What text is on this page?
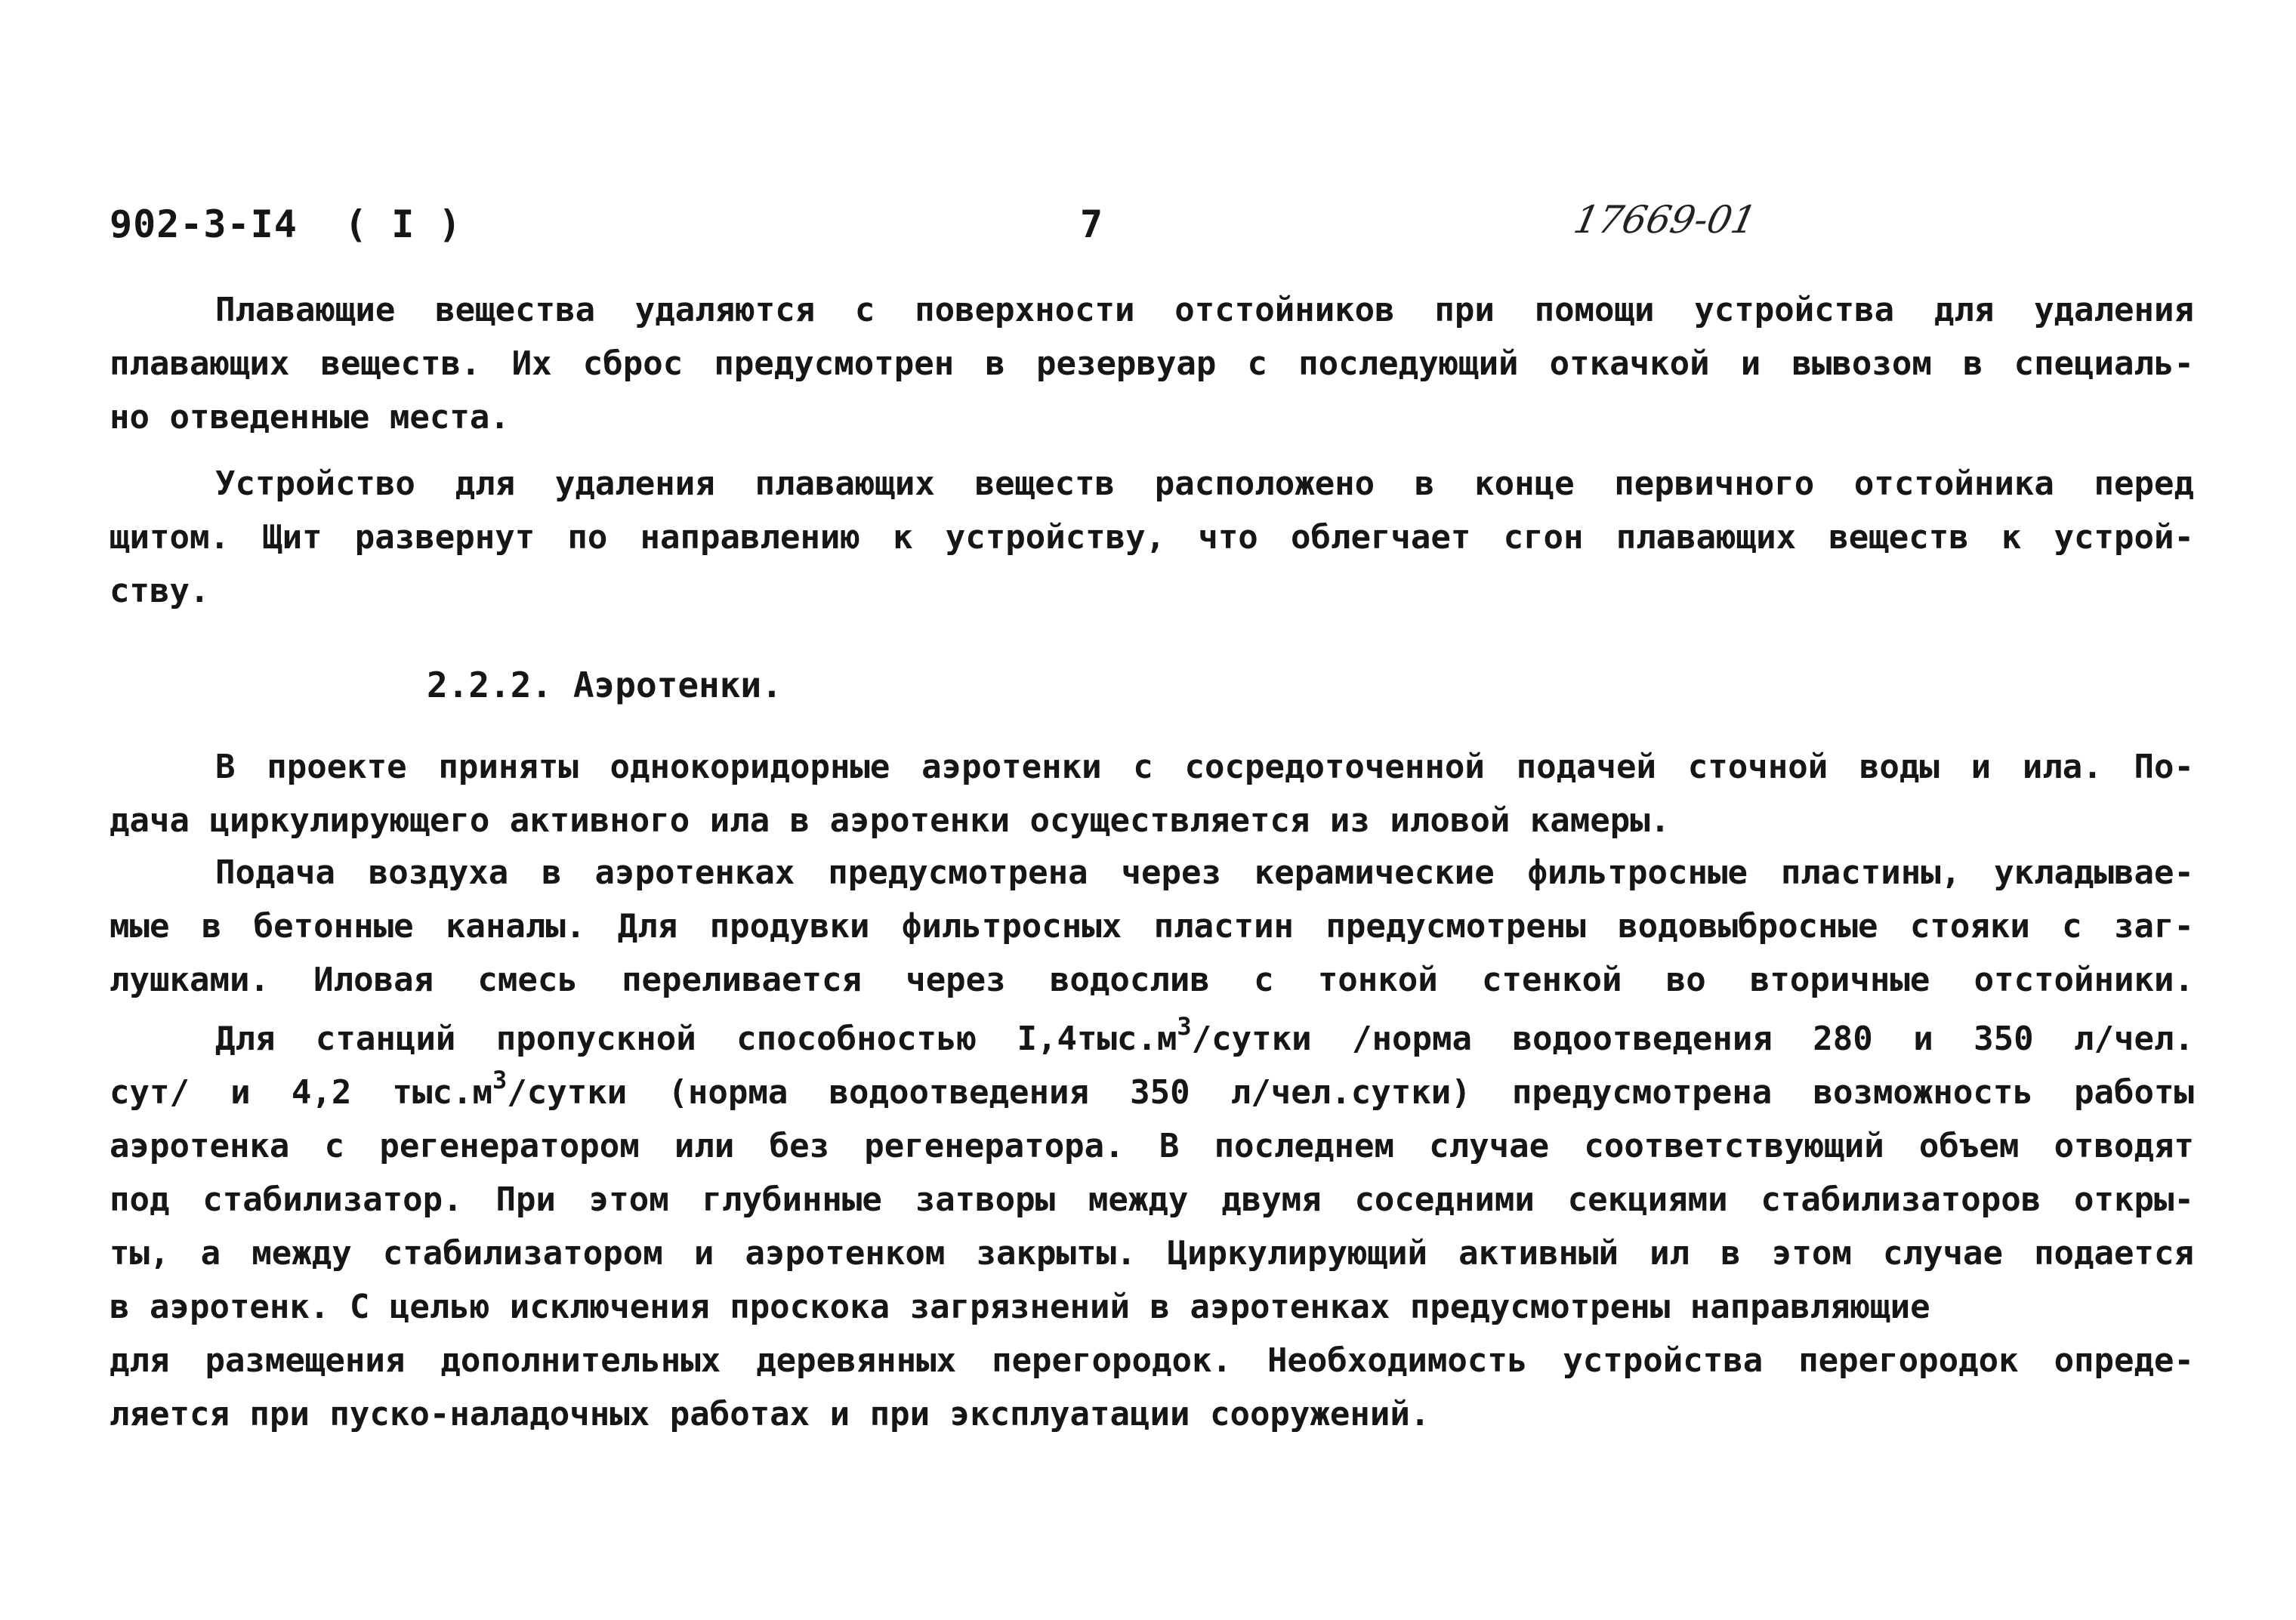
902-3-I4  ( I )	7	17669-01
Плавающие вещества удаляются с поверхности отстойников при помощи устройства для удаления
плавающих веществ. Их сброс предусмотрен в резервуар с последующий откачкой и вывозом в специаль-
но отведенные места.
Устройство для удаления плавающих веществ расположено в конце первичного отстойника перед
щитом. Щит развернут по направлению к устройству, что облегчает сгон плавающих веществ к устрой-
ству.
2.2.2. Аэротенки.
В проекте приняты однокоридорные аэротенки с сосредоточенной подачей сточной воды и ила. По-
дача циркулирующего активного ила в аэротенки осуществляется из иловой камеры.
Подача воздуха в аэротенках предусмотрена через керамические фильтросные пластины, укладывае-
мые в бетонные каналы. Для продувки фильтросных пластин предусмотрены водовыбросные стояки с заг-
лушками. Иловая смесь переливается через водослив с тонкой стенкой во вторичные отстойники.
Для станций пропускной способностью $I,4тыс.м^3$/сутки /норма водоотведения 280 и 350 л/чел.
сут/ и 4,2 $тыс.м^3$/сутки (норма водоотведения 350 л/чел.сутки) предусмотрена возможность работы
аэротенка с регенератором или без регенератора. В последнем случае соответствующий объем отводят
под стабилизатор. При этом глубинные затворы между двумя соседними секциями стабилизаторов откры-
ты, а между стабилизатором и аэротенком закрыты. Циркулирующий активный ил в этом случае подается
в аэротенк. С целью исключения проскока загрязнений в аэротенках предусмотрены направляющие
для размещения дополнительных деревянных перегородок. Необходимость устройства перегородок опреде-
ляется при пуско-наладочных работах и при эксплуатации сооружений.
